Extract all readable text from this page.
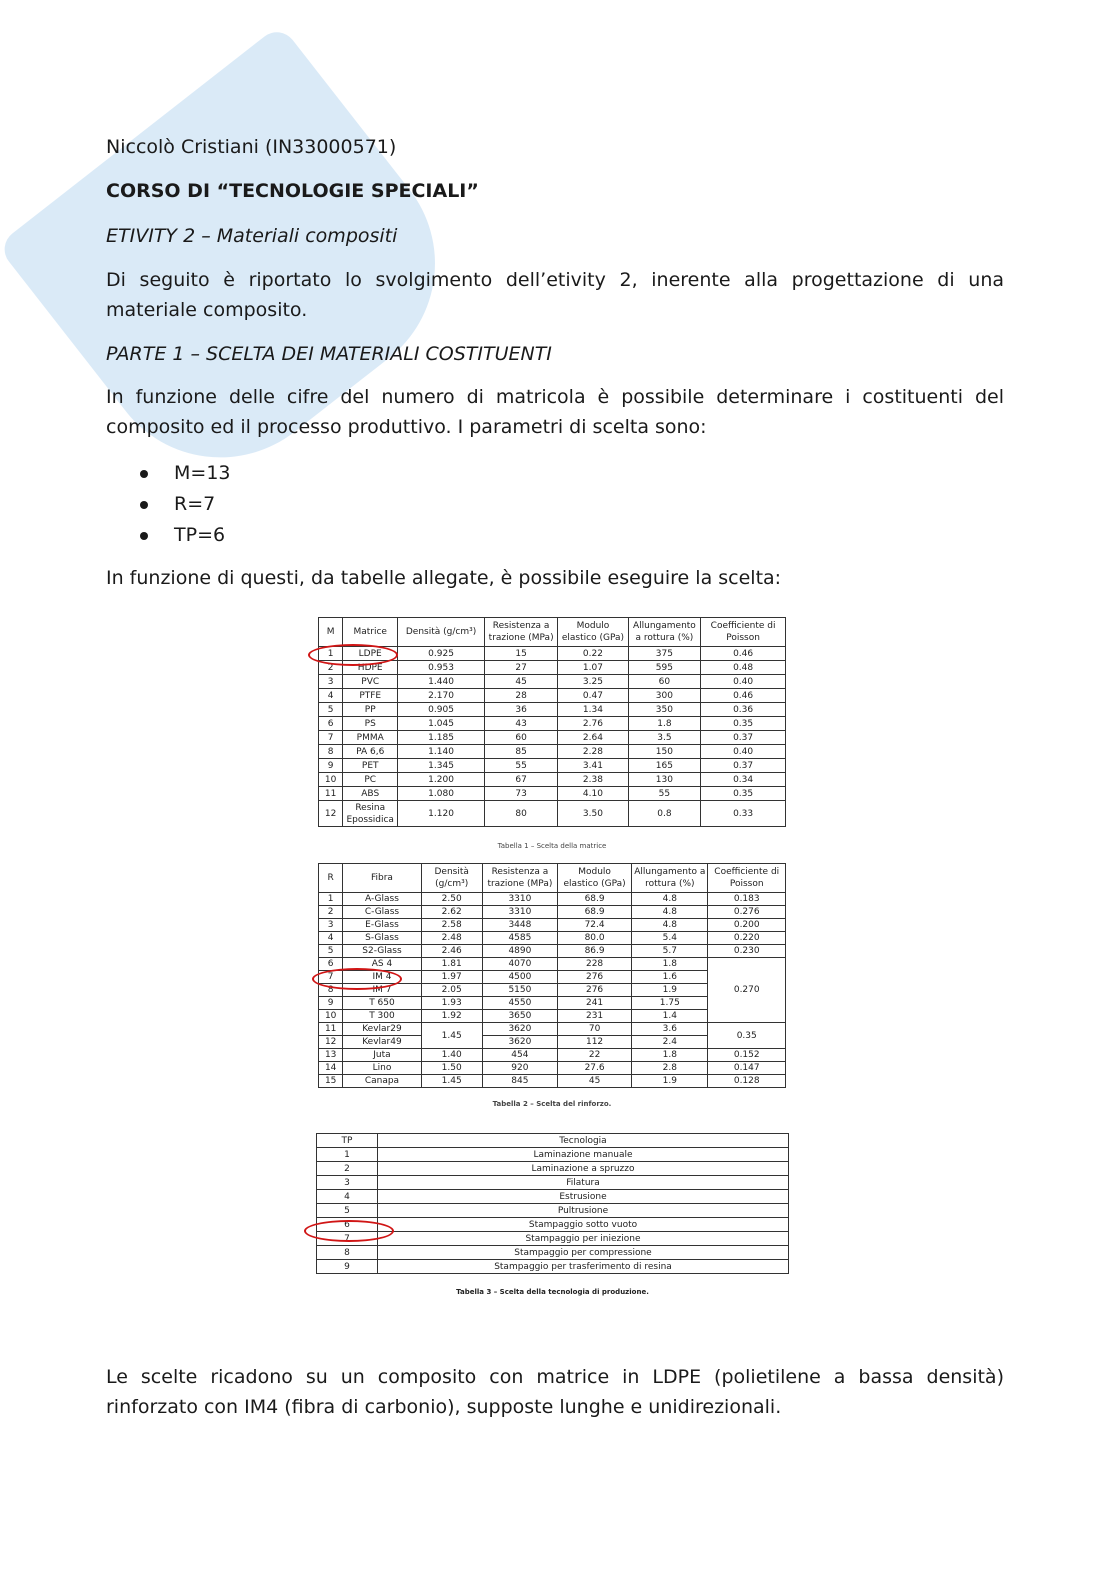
Niccolò Cristiani (IN33000571)
CORSO DI “TECNOLOGIE SPECIALI”
ETIVITY 2 – Materiali compositi
Di seguito è riportato lo svolgimento dell’etivity 2, inerente alla progettazione di una materiale composito.
PARTE 1 – SCELTA DEI MATERIALI COSTITUENTI
In funzione delle cifre del numero di matricola è possibile determinare i costituenti del composito ed il processo produttivo. I parametri di scelta sono:
M=13
R=7
TP=6
In funzione di questi, da tabelle allegate, è possibile eseguire la scelta:
M	Matrice	Densità (g/cm³)	Resistenza a trazione (MPa)	Modulo elastico (GPa)	Allungamento a rottura (%)	Coefficiente di Poisson
1	LDPE	0.925	15	0.22	375	0.46
2	HDPE	0.953	27	1.07	595	0.48
3	PVC	1.440	45	3.25	60	0.40
4	PTFE	2.170	28	0.47	300	0.46
5	PP	0.905	36	1.34	350	0.36
6	PS	1.045	43	2.76	1.8	0.35
7	PMMA	1.185	60	2.64	3.5	0.37
8	PA 6,6	1.140	85	2.28	150	0.40
9	PET	1.345	55	3.41	165	0.37
10	PC	1.200	67	2.38	130	0.34
11	ABS	1.080	73	4.10	55	0.35
12	Resina Epossidica	1.120	80	3.50	0.8	0.33
Tabella 1 – Scelta della matrice
R	Fibra	Densità (g/cm³)	Resistenza a trazione (MPa)	Modulo elastico (GPa)	Allungamento a rottura (%)	Coefficiente di Poisson
1	A-Glass	2.50	3310	68.9	4.8	0.183
2	C-Glass	2.62	3310	68.9	4.8	0.276
3	E-Glass	2.58	3448	72.4	4.8	0.200
4	S-Glass	2.48	4585	80.0	5.4	0.220
5	S2-Glass	2.46	4890	86.9	5.7	0.230
6	AS 4	1.81	4070	228	1.8	0.270
7	IM 4	1.97	4500	276	1.6	
8	IM 7	2.05	5150	276	1.9	
9	T 650	1.93	4550	241	1.75	
10	T 300	1.92	3650	231	1.4	
11	Kevlar29	1.45	3620	70	3.6	0.35
12	Kevlar49		3620	112	2.4	
13	Juta	1.40	454	22	1.8	0.152
14	Lino	1.50	920	27.6	2.8	0.147
15	Canapa	1.45	845	45	1.9	0.128
Tabella 2 – Scelta del rinforzo.
TP	Tecnologia
1	Laminazione manuale
2	Laminazione a spruzzo
3	Filatura
4	Estrusione
5	Pultrusione
6	Stampaggio sotto vuoto
7	Stampaggio per iniezione
8	Stampaggio per compressione
9	Stampaggio per trasferimento di resina
Tabella 3 – Scelta della tecnologia di produzione.
Le scelte ricadono su un composito con matrice in LDPE (polietilene a bassa densità) rinforzato con IM4 (fibra di carbonio), supposte lunghe e unidirezionali.
